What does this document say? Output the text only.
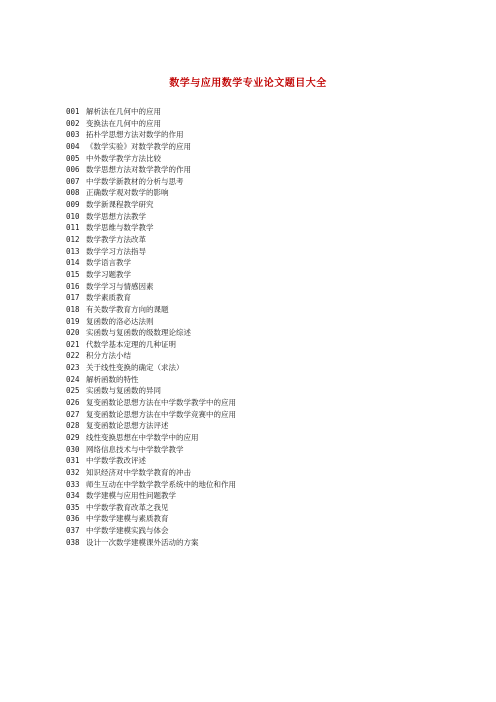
数学与应用数学专业论文题目大全
001 解析法在几何中的应用
002 变换法在几何中的应用
003 拓朴学思想方法对数学的作用
004 《数学实验》对数学教学的应用
005 中外数学教学方法比较
006 数学思想方法对数学教学的作用
007 中学数学新教材的分析与思考
008 正确数学观对数学的影响
009 数学新课程教学研究
010 数学思想方法教学
011 数学思维与数学教学
012 数学教学方法改革
013 数学学习方法指导
014 数学语言教学
015 数学习题教学
016 数学学习与情感因素
017 数学素质教育
018 有关数学教育方向的课题
019 复函数的洛必达法则
020 实函数与复函数的级数理论综述
021 代数学基本定理的几种证明
022 积分方法小结
023 关于线性变换的确定（求法）
024 解析函数的特性
025 实函数与复函数的异同
026 复变函数论思想方法在中学数学教学中的应用
027 复变函数论思想方法在中学数学竞赛中的应用
028 复变函数论思想方法评述
029 线性变换思想在中学数学中的应用
030 网络信息技术与中学数学教学
031 中学数学教改评述
032 知识经济对中学数学教育的冲击
033 师生互动在中学数学教学系统中的地位和作用
034 数学建模与应用性问题教学
035 中学数学教育改革之我见
036 中学数学建模与素质教育
037 中学数学建模实践与体会
038 设计一次数学建模课外活动的方案
